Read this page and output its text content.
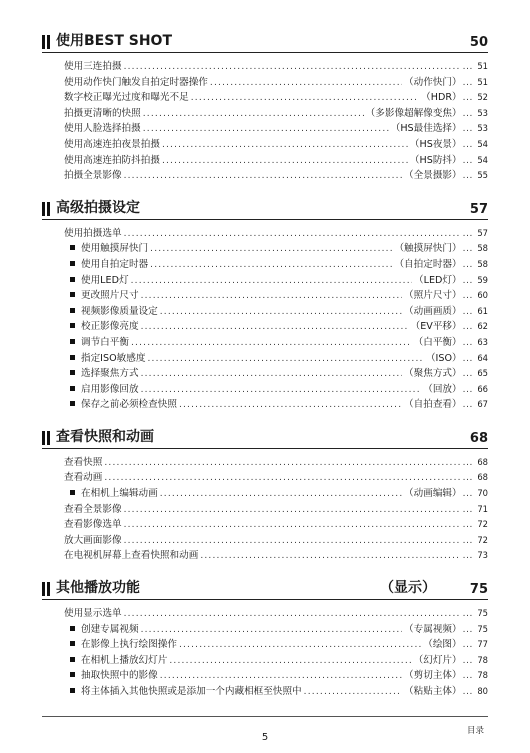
使用BEST SHOT	50
使用三连拍摄 .....	... 51
使用动作快门触发自拍定时器操作 .....	（动作快门） ... 51
数字校正曝光过度和曝光不足 .....	（HDR） ... 52
拍摄更清晰的快照 .....	（多影像超解像变焦） ... 53
使用人脸选择拍摄 .....	（HS最佳选择） ... 53
使用高速连拍夜景拍摄 .....	（HS夜景） ... 54
使用高速连拍防抖拍摄 .....	（HS防抖） ... 54
拍摄全景影像 .....	（全景摄影） ... 55
高级拍摄设定	57
使用拍摄选单 .....	... 57
使用触摸屏快门 .....	（触摸屏快门） ... 58
使用自拍定时器 .....	（自拍定时器） ... 58
使用LED灯 .....	（LED灯） ... 59
更改照片尺寸 .....	（照片尺寸） ... 60
视频影像质量设定 .....	（动画画质） ... 61
校正影像亮度 .....	（EV平移） ... 62
调节白平衡 .....	（白平衡） ... 63
指定ISO敏感度 .....	（ISO） ... 64
选择聚焦方式 .....	（聚焦方式） ... 65
启用影像回放 .....	（回放） ... 66
保存之前必须检查快照 .....	（自拍查看） ... 67
查看快照和动画	68
查看快照 .....	... 68
查看动画 .....	... 68
在相机上编辑动画 .....	（动画编辑） ... 70
查看全景影像 .....	... 71
查看影像选单 .....	... 72
放大画面影像 .....	... 72
在电视机屏幕上查看快照和动画 .....	... 73
其他播放功能	（显示）	75
使用显示选单 .....	... 75
创建专属视频 .....	（专属视频） ... 75
在影像上执行绘图操作 .....	（绘图） ... 77
在相机上播放幻灯片 .....	（幻灯片） ... 78
抽取快照中的影像 .....	（剪切主体） ... 78
将主体插入其他快照或是添加一个内藏相框至快照中 .....	（粘贴主体） ... 80
5
目录
